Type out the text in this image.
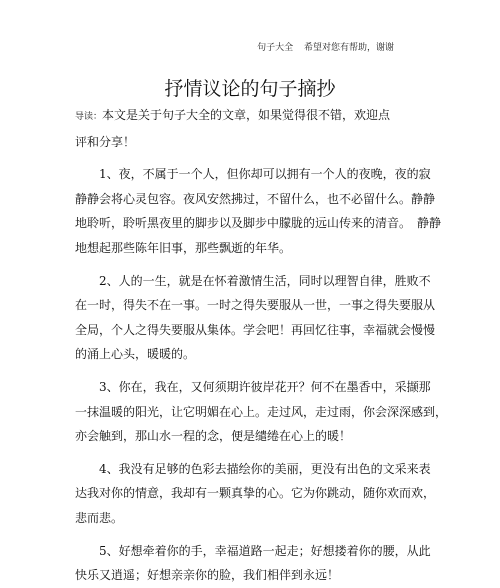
句子大全 希望对您有帮助，谢谢
抒情议论的句子摘抄
导读：本文是关于句子大全的文章，如果觉得很不错，欢迎点
评和分享！
　　1、夜，不属于一个人，但你却可以拥有一个人的夜晚，夜的寂
静静会将心灵包容。夜风安然拂过，不留什么，也不必留什么。静静
地聆听，聆听黑夜里的脚步以及脚步中朦胧的远山传来的清音。　静静
地想起那些陈年旧事，那些飘逝的年华。
　　2、人的一生，就是在怀着激情生活，同时以理智自律，胜败不
在一时，得失不在一事。一时之得失要服从一世，一事之得失要服从
全局，个人之得失要服从集体。学会吧！再回忆往事，幸福就会慢慢
的涌上心头，暖暖的。
　　3、你在，我在，又何须期许彼岸花开？何不在墨香中，采撷那
一抹温暖的阳光，让它明媚在心上。走过风，走过雨，你会深深感到，
亦会触到，那山水一程的念，便是缱绻在心上的暖！
　　4、我没有足够的色彩去描绘你的美丽，更没有出色的文采来表
达我对你的情意，我却有一颗真挚的心。它为你跳动，随你欢而欢，
悲而悲。
　　5、好想牵着你的手，幸福道路一起走；好想搂着你的腰，从此
快乐又逍遥；好想亲亲你的脸，我们相伴到永远！
